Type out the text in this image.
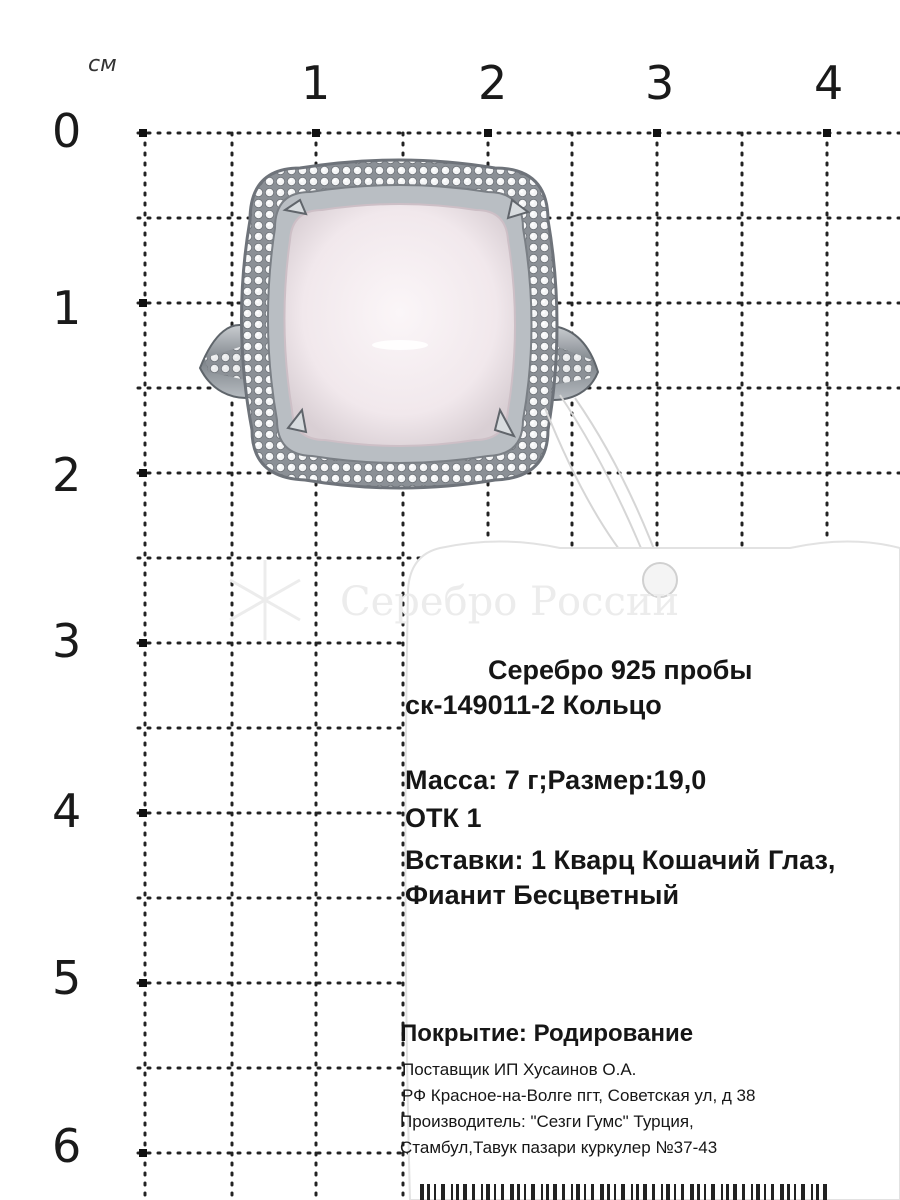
Серебро России
см	1	2	3	4
0
1
2
3
4
5
6
Серебро 925 пробы
ск-149011-2 Кольцо
Масса: 7 г;Размер:19,0
ОТК 1
Вставки: 1 Кварц Кошачий Глаз,
Фианит Бесцветный
Покрытие: Родирование
Поставщик ИП Хусаинов О.А.
РФ Красное-на-Волге пгт, Советская ул, д 38
Производитель: "Сезги Гумс" Турция,
Стамбул,Тавук пазари куркулер №37-43
